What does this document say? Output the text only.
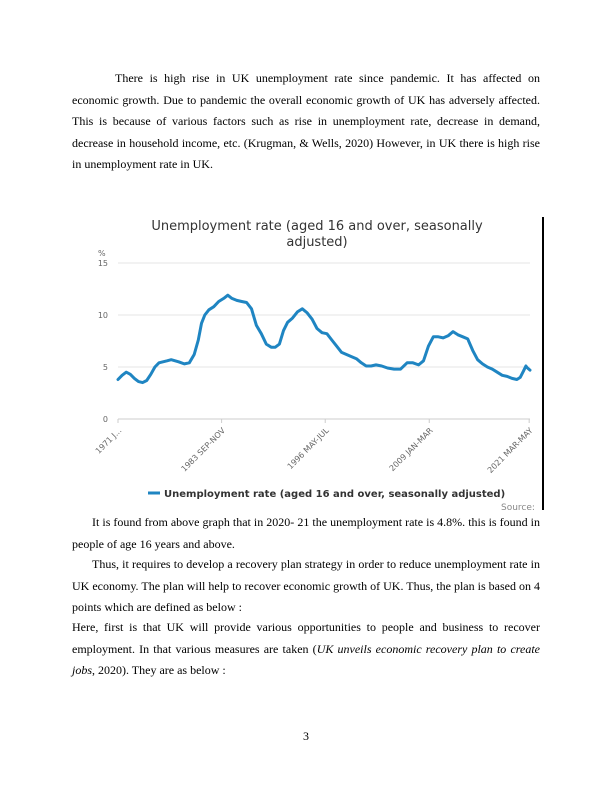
There is high rise in UK unemployment rate since pandemic. It has affected on economic growth. Due to pandemic the overall economic growth of UK has adversely affected. This is because of various factors such as rise in unemployment rate, decrease in demand, decrease in household income, etc. (Krugman, & Wells, 2020) However, in UK there is high rise in unemployment rate in UK.

Unemployment rate (aged 16 and over, seasonally
adjusted)
%
0
5
10
15
1971 J...	1983 SEP-NOV	1996 MAY-JUL	2009 JAN-MAR	2021 MAR-MAY
Unemployment rate (aged 16 and over, seasonally adjusted)
Source:

It is found from above graph that in 2020- 21 the unemployment rate is 4.8%. this is found in people of age 16 years and above.

Thus, it requires to develop a recovery plan strategy in order to reduce unemployment rate in UK economy. The plan will help to recover economic growth of UK. Thus, the plan is based on 4 points which are defined as below :

Here, first is that UK will provide various opportunities to people and business to recover employment. In that various measures are taken (UK unveils economic recovery plan to create jobs, 2020). They are as below :

3
